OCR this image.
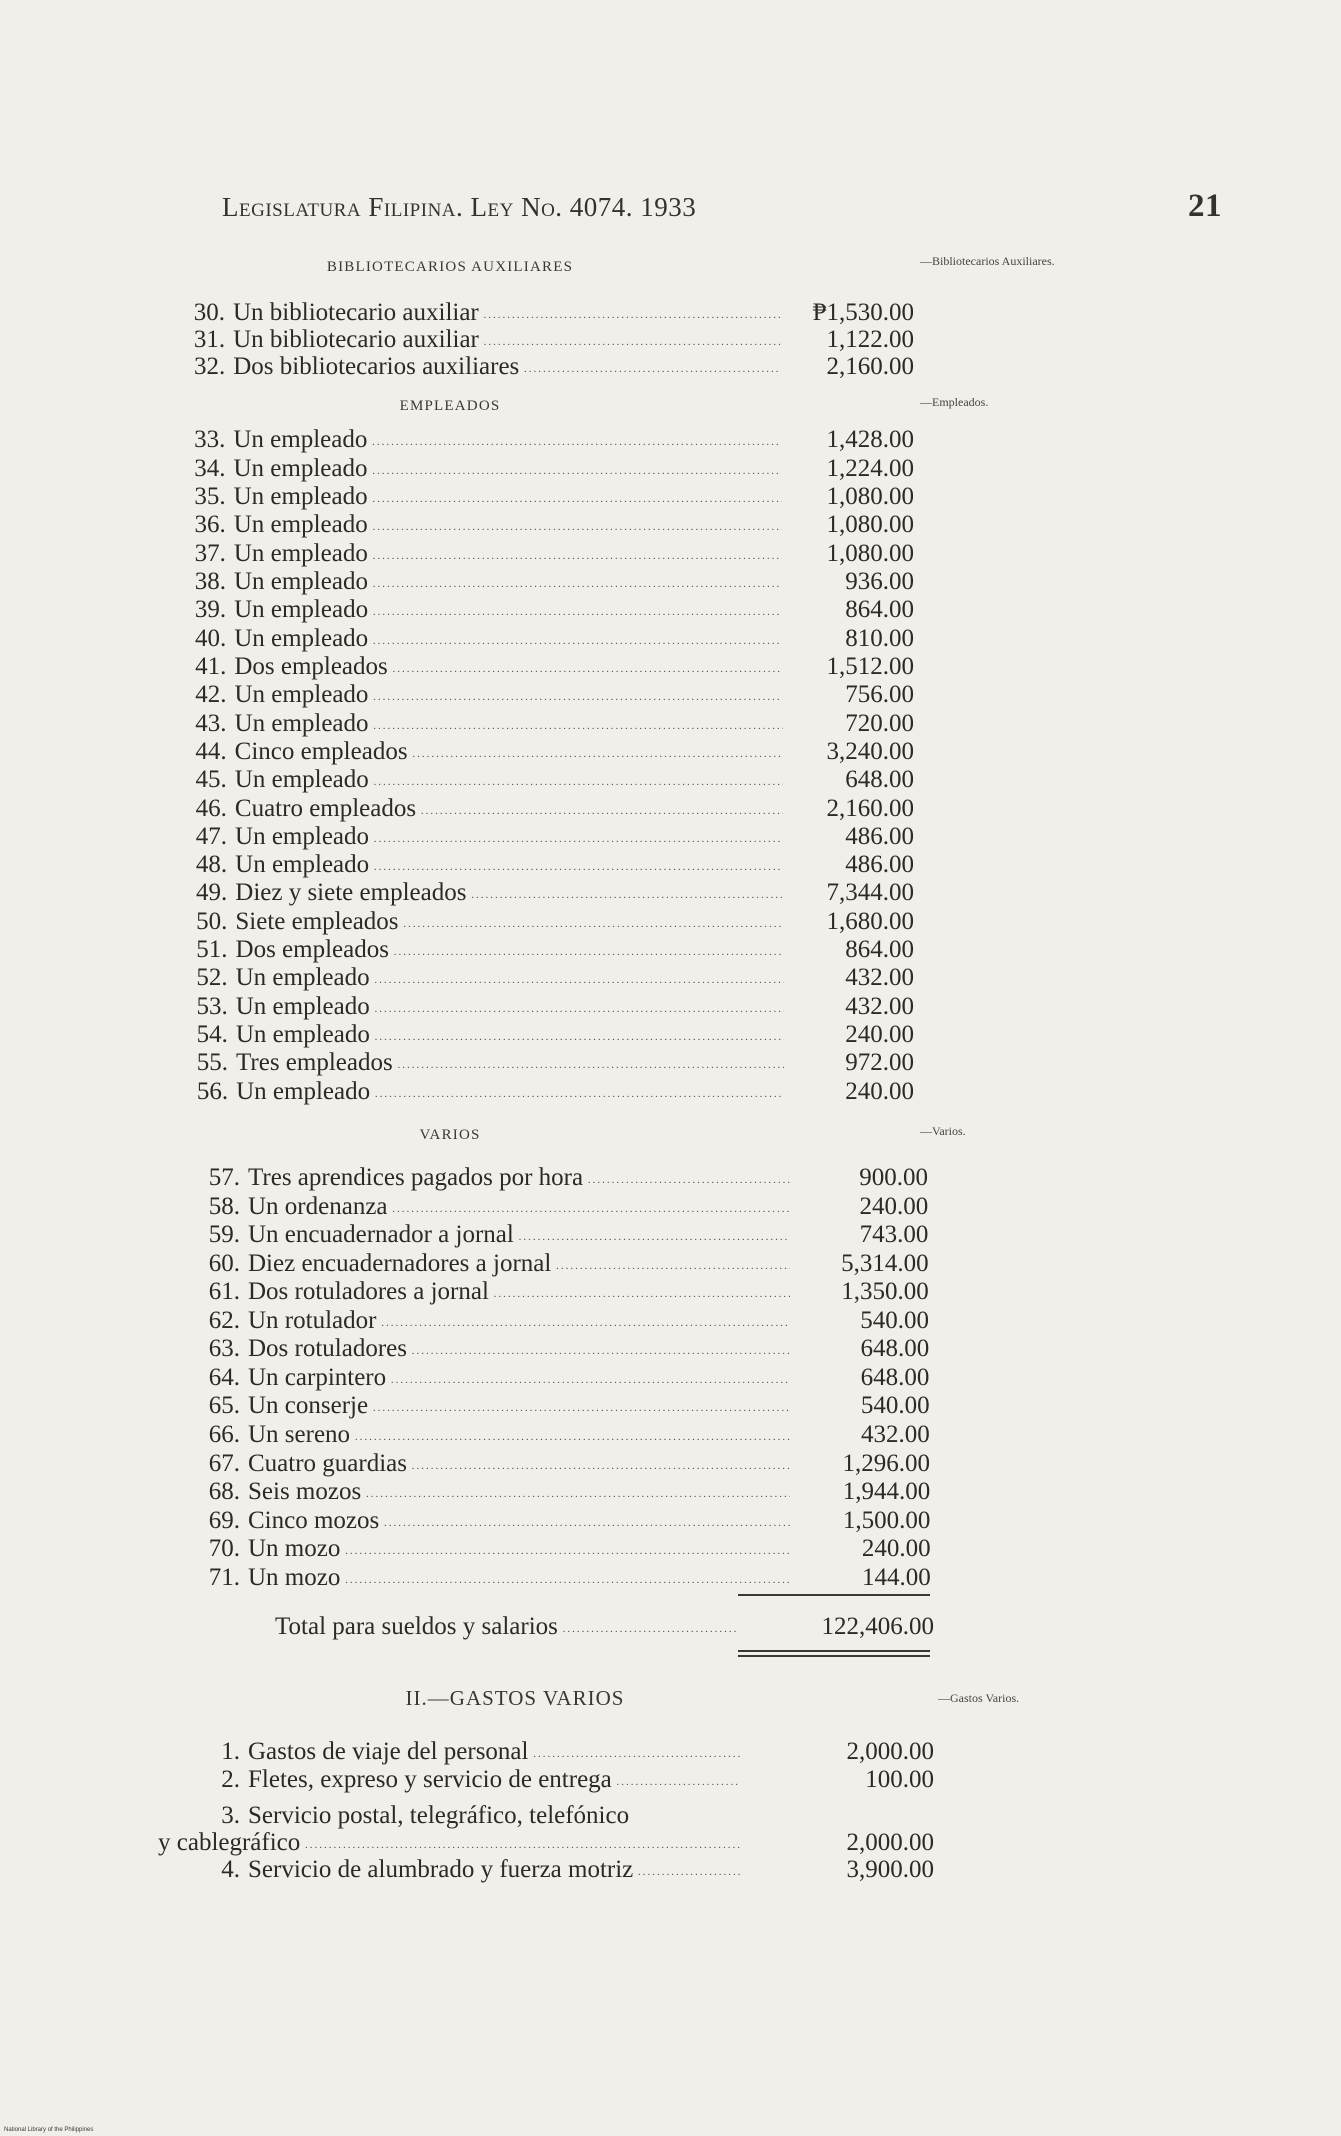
Legislatura Filipina. Ley No. 4074. 1933	21
BIBLIOTECARIOS AUXILIARES	—Bibliotecarios Auxiliares.
EMPLEADOS	—Empleados.
VARIOS	—Varios.
30. Un bibliotecario auxiliar .....	₱1,530.00
31. Un bibliotecario auxiliar .....	1,122.00
32. Dos bibliotecarios auxiliares .....	2,160.00
33. Un empleado .....	1,428.00
34. Un empleado .....	1,224.00
35. Un empleado .....	1,080.00
36. Un empleado .....	1,080.00
37. Un empleado .....	1,080.00
38. Un empleado .....	936.00
39. Un empleado .....	864.00
40. Un empleado .....	810.00
41. Dos empleados .....	1,512.00
42. Un empleado .....	756.00
43. Un empleado .....	720.00
44. Cinco empleados .....	3,240.00
45. Un empleado .....	648.00
46. Cuatro empleados .....	2,160.00
47. Un empleado .....	486.00
48. Un empleado .....	486.00
49. Diez y siete empleados .....	7,344.00
50. Siete empleados .....	1,680.00
51. Dos empleados .....	864.00
52. Un empleado .....	432.00
53. Un empleado .....	432.00
54. Un empleado .....	240.00
55. Tres empleados .....	972.00
56. Un empleado .....	240.00
57. Tres aprendices pagados por hora .....	900.00
58. Un ordenanza .....	240.00
59. Un encuadernador a jornal .....	743.00
60. Diez encuadernadores a jornal .....	5,314.00
61. Dos rotuladores a jornal .....	1,350.00
62. Un rotulador .....	540.00
63. Dos rotuladores .....	648.00
64. Un carpintero .....	648.00
65. Un conserje .....	540.00
66. Un sereno .....	432.00
67. Cuatro guardias .....	1,296.00
68. Seis mozos .....	1,944.00
69. Cinco mozos .....	1,500.00
70. Un mozo .....	240.00
71. Un mozo .....	144.00
Total para sueldos y salarios .....	122,406.00
II.—GASTOS VARIOS	—Gastos Varios.
1. Gastos de viaje del personal .....	2,000.00
2. Fletes, expreso y servicio de entrega .....	100.00
3. Servicio postal, telegráfico, telefónico
y cablegráfico .....	2,000.00
4. Servicio de alumbrado y fuerza motriz .....	3,900.00
National Library of the Philippines
